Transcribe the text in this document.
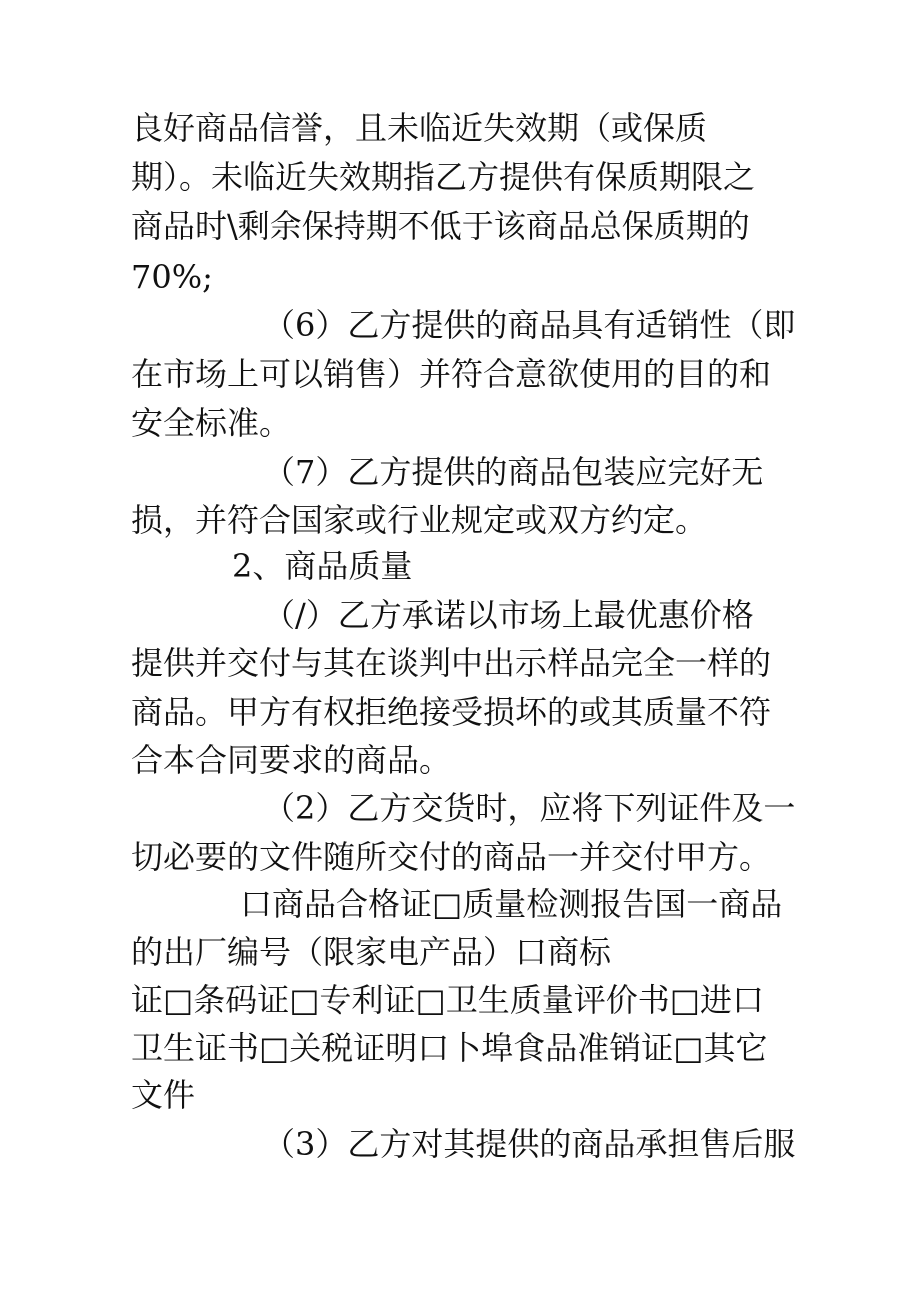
良好商品信誉，且未临近失效期（或保质
期）。未临近失效期指乙方提供有保质期限之
商品时\剩余保持期不低于该商品总保质期的
70%;
（6）乙方提供的商品具有适销性（即
在市场上可以销售）并符合意欲使用的目的和
安全标准。
（7）乙方提供的商品包装应完好无
损，并符合国家或行业规定或双方约定。
2、商品质量
（/）乙方承诺以市场上最优惠价格
提供并交付与其在谈判中出示样品完全一样的
商品。甲方有权拒绝接受损坏的或其质量不符
合本合同要求的商品。
（2）乙方交货时，应将下列证件及一
切必要的文件随所交付的商品一并交付甲方。
口商品合格证□质量检测报告国一商品
的出厂编号（限家电产品）口商标
证□条码证□专利证□卫生质量评价书□进口
卫生证书□关税证明口卜埠食品准销证□其它
文件
（3）乙方对其提供的商品承担售后服
